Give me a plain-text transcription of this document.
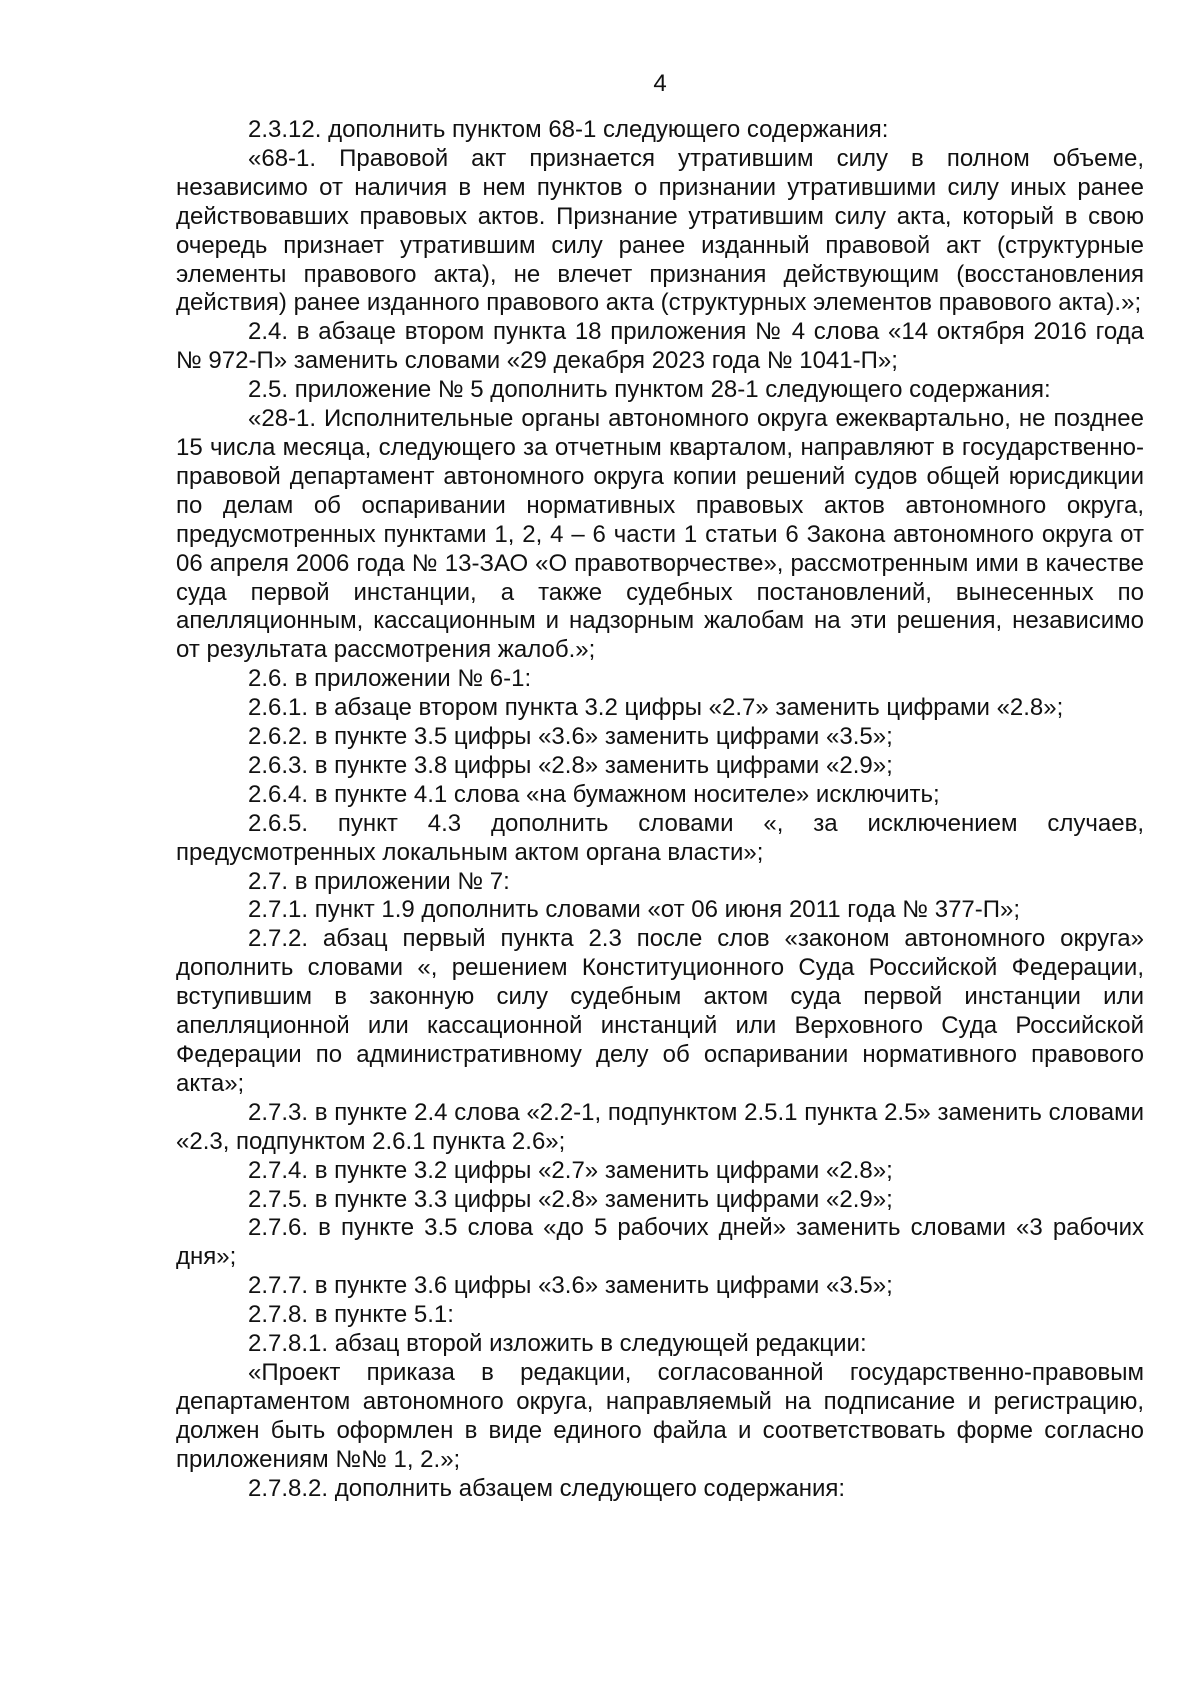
4

2.3.12. дополнить пунктом 68-1 следующего содержания:

«68-1. Правовой акт признается утратившим силу в полном объеме, независимо от наличия в нем пунктов о признании утратившими силу иных ранее действовавших правовых актов. Признание утратившим силу акта, который в свою очередь признает утратившим силу ранее изданный правовой акт (структурные элементы правового акта), не влечет признания действующим (восстановления действия) ранее изданного правового акта (структурных элементов правового акта).»;

2.4. в абзаце втором пункта 18 приложения № 4 слова «14 октября 2016 года № 972-П» заменить словами «29 декабря 2023 года № 1041-П»;

2.5. приложение № 5 дополнить пунктом 28-1 следующего содержания:

«28-1. Исполнительные органы автономного округа ежеквартально, не позднее 15 числа месяца, следующего за отчетным кварталом, направляют в государственно-правовой департамент автономного округа копии решений судов общей юрисдикции по делам об оспаривании нормативных правовых актов автономного округа, предусмотренных пунктами 1, 2, 4 – 6 части 1 статьи 6 Закона автономного округа от 06 апреля 2006 года № 13-ЗАО «О правотворчестве», рассмотренным ими в качестве суда первой инстанции, а также судебных постановлений, вынесенных по апелляционным, кассационным и надзорным жалобам на эти решения, независимо от результата рассмотрения жалоб.»;

2.6. в приложении № 6-1:

2.6.1. в абзаце втором пункта 3.2 цифры «2.7» заменить цифрами «2.8»;

2.6.2. в пункте 3.5 цифры «3.6» заменить цифрами «3.5»;

2.6.3. в пункте 3.8 цифры «2.8» заменить цифрами «2.9»;

2.6.4. в пункте 4.1 слова «на бумажном носителе» исключить;

2.6.5. пункт 4.3 дополнить словами «, за исключением случаев, предусмотренных локальным актом органа власти»;

2.7. в приложении № 7:

2.7.1. пункт 1.9 дополнить словами «от 06 июня 2011 года № 377-П»;

2.7.2. абзац первый пункта 2.3 после слов «законом автономного округа» дополнить словами «, решением Конституционного Суда Российской Федерации, вступившим в законную силу судебным актом суда первой инстанции или апелляционной или кассационной инстанций или Верховного Суда Российской Федерации по административному делу об оспаривании нормативного правового акта»;

2.7.3. в пункте 2.4 слова «2.2-1, подпунктом 2.5.1 пункта 2.5» заменить словами «2.3, подпунктом 2.6.1 пункта 2.6»;

2.7.4. в пункте 3.2 цифры «2.7» заменить цифрами «2.8»;

2.7.5. в пункте 3.3 цифры «2.8» заменить цифрами «2.9»;

2.7.6. в пункте 3.5 слова «до 5 рабочих дней» заменить словами «3 рабочих дня»;

2.7.7. в пункте 3.6 цифры «3.6» заменить цифрами «3.5»;

2.7.8. в пункте 5.1:

2.7.8.1. абзац второй изложить в следующей редакции:

«Проект приказа в редакции, согласованной государственно-правовым департаментом автономного округа, направляемый на подписание и регистрацию, должен быть оформлен в виде единого файла и соответствовать форме согласно приложениям №№ 1, 2.»;

2.7.8.2. дополнить абзацем следующего содержания:
